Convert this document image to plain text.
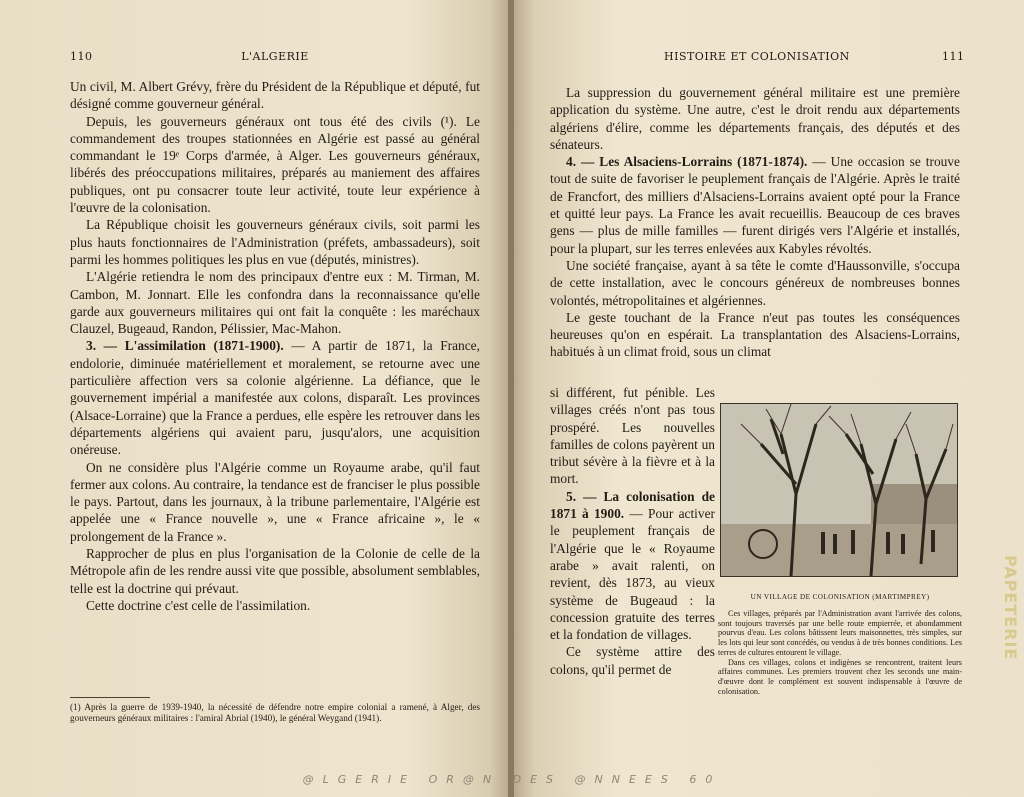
110	L'ALGERIE

Un civil, M. Albert Grévy, frère du Président de la République et député, fut désigné comme gouverneur général.

Depuis, les gouverneurs généraux ont tous été des civils (¹). Le commandement des troupes stationnées en Algérie est passé au général commandant le 19ᵉ Corps d'armée, à Alger. Les gouverneurs généraux, libérés des préoccupations militaires, préparés au maniement des affaires publiques, ont pu consacrer toute leur activité, toute leur expérience à l'œuvre de la colonisation.

La République choisit les gouverneurs généraux civils, soit parmi les plus hauts fonctionnaires de l'Administration (préfets, ambassadeurs), soit parmi les hommes politiques les plus en vue (députés, ministres).

L'Algérie retiendra le nom des principaux d'entre eux : M. Tirman, M. Cambon, M. Jonnart. Elle les confondra dans la reconnaissance qu'elle garde aux gouverneurs militaires qui ont fait la conquête : les maréchaux Clauzel, Bugeaud, Randon, Pélissier, Mac-Mahon.

3. — L'assimilation (1871-1900). — A partir de 1871, la France, endolorie, diminuée matériellement et moralement, se retourne avec une particulière affection vers sa colonie algérienne. La défiance, que le gouvernement impérial a manifestée aux colons, disparaît. Les provinces (Alsace-Lorraine) que la France a perdues, elle espère les retrouver dans les départements algériens qui avaient paru, jusqu'alors, une acquisition onéreuse.

On ne considère plus l'Algérie comme un Royaume arabe, qu'il faut fermer aux colons. Au contraire, la tendance est de franciser le plus possible le pays. Partout, dans les journaux, à la tribune parlementaire, l'Algérie est appelée une « France nouvelle », une « France africaine », le « prolongement de la France ».

Rapprocher de plus en plus l'organisation de la Colonie de celle de la Métropole afin de les rendre aussi vite que possible, absolument semblables, telle est la doctrine qui prévaut.

Cette doctrine c'est celle de l'assimilation.

(1) Après la guerre de 1939-1940, la nécessité de défendre notre empire colonial a ramené, à Alger, des gouverneurs généraux militaires : l'amiral Abrial (1940), le général Weygand (1941).
HISTOIRE ET COLONISATION	111

La suppression du gouvernement général militaire est une première application du système. Une autre, c'est le droit rendu aux départements algériens d'élire, comme les départements français, des députés et des sénateurs.

4. — Les Alsaciens-Lorrains (1871-1874). — Une occasion se trouve tout de suite de favoriser le peuplement français de l'Algérie. Après le traité de Francfort, des milliers d'Alsaciens-Lorrains avaient opté pour la France et quitté leur pays. La France les avait recueillis. Beaucoup de ces braves gens — plus de mille familles — furent dirigés vers l'Algérie et installés, pour la plupart, sur les terres enlevées aux Kabyles révoltés.

Une société française, ayant à sa tête le comte d'Haussonville, s'occupa de cette installation, avec le concours généreux de nombreuses bonnes volontés, métropolitaines et algériennes.

Le geste touchant de la France n'eut pas toutes les conséquences heureuses qu'on en espérait. La transplantation des Alsaciens-Lorrains, habitués à un climat froid, sous un climat

si différent, fut pénible. Les villages créés n'ont pas tous prospéré. Les nouvelles familles de colons payèrent un tribut sévère à la fièvre et à la mort.

5. — La colonisation de 1871 à 1900. — Pour activer le peuplement français de l'Algérie que le « Royaume arabe » avait ralenti, on revient, dès 1873, au vieux système de Bugeaud : la concession gratuite des terres et la fondation de villages.

Ce système attire des colons, qu'il permet de

UN VILLAGE DE COLONISATION (MARTIMPREY)

Ces villages, préparés par l'Administration avant l'arrivée des colons, sont toujours traversés par une belle route empierrée, et abondamment pourvus d'eau. Les colons bâtissent leurs maisonnettes, très simples, sur les lots qui leur sont concédés, ou vendus à de très bonnes conditions. Les terres de cultures entourent le village.

Dans ces villages, colons et indigènes se rencontrent, traitent leurs affaires communes. Les premiers trouvent chez les seconds une main-d'œuvre dont le complément est souvent indispensable à l'œuvre de colonisation.

@LGERIE OR@N DES @NNEES 60
PAPETERIE
